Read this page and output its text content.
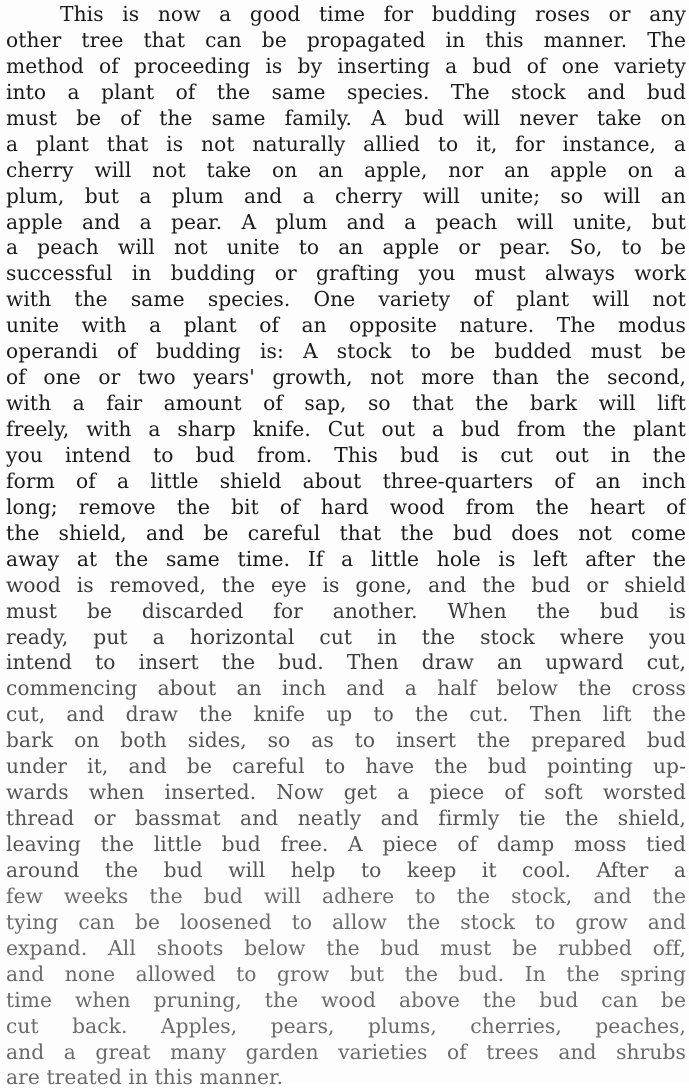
This is now a good time for budding roses or any
other tree that can be propagated in this manner. The
method of proceeding is by inserting a bud of one variety
into a plant of the same species. The stock and bud
must be of the same family. A bud will never take on
a plant that is not naturally allied to it, for instance, a
cherry will not take on an apple, nor an apple on a
plum, but a plum and a cherry will unite; so will an
apple and a pear. A plum and a peach will unite, but
a peach will not unite to an apple or pear. So, to be
successful in budding or grafting you must always work
with the same species. One variety of plant will not
unite with a plant of an opposite nature. The modus
operandi of budding is: A stock to be budded must be
of one or two years' growth, not more than the second,
with a fair amount of sap, so that the bark will lift
freely, with a sharp knife. Cut out a bud from the plant
you intend to bud from. This bud is cut out in the
form of a little shield about three-quarters of an inch
long; remove the bit of hard wood from the heart of
the shield, and be careful that the bud does not come
away at the same time. If a little hole is left after the
wood is removed, the eye is gone, and the bud or shield
must be discarded for another. When the bud is
ready, put a horizontal cut in the stock where you
intend to insert the bud. Then draw an upward cut,
commencing about an inch and a half below the cross
cut, and draw the knife up to the cut. Then lift the
bark on both sides, so as to insert the prepared bud
under it, and be careful to have the bud pointing up-
wards when inserted. Now get a piece of soft worsted
thread or bassmat and neatly and firmly tie the shield,
leaving the little bud free. A piece of damp moss tied
around the bud will help to keep it cool. After a
few weeks the bud will adhere to the stock, and the
tying can be loosened to allow the stock to grow and
expand. All shoots below the bud must be rubbed off,
and none allowed to grow but the bud. In the spring
time when pruning, the wood above the bud can be
cut back. Apples, pears, plums, cherries, peaches,
and a great many garden varieties of trees and shrubs
are treated in this manner.
